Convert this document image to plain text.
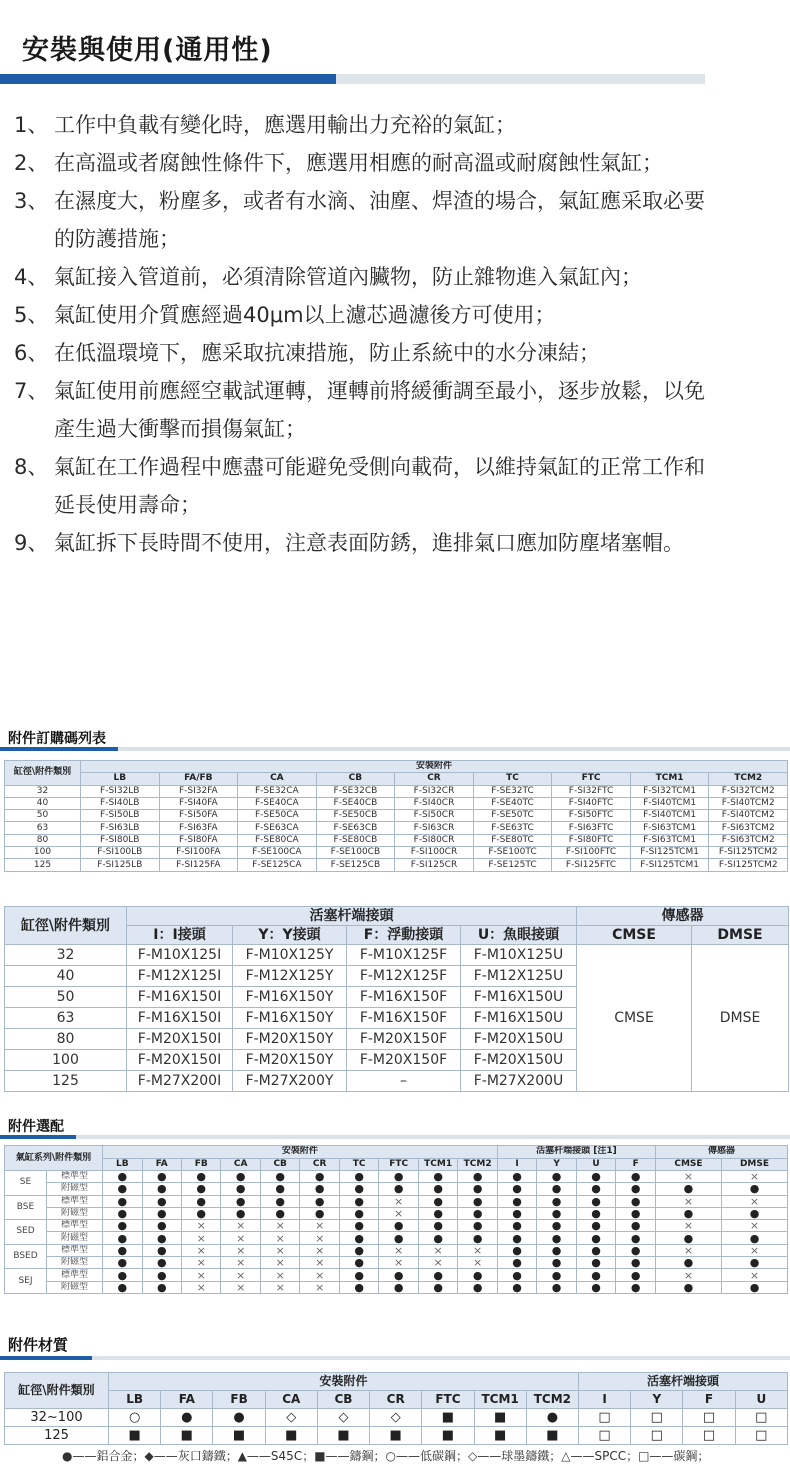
安裝與使用(通用性)
1、 工作中負載有變化時，應選用輸出力充裕的氣缸；
2、 在高溫或者腐蝕性條件下，應選用相應的耐高溫或耐腐蝕性氣缸；
3、 在濕度大，粉塵多，或者有水滴、油塵、焊渣的場合，氣缸應采取必要的防護措施；
4、 氣缸接入管道前，必須清除管道內臟物，防止雜物進入氣缸內；
5、 氣缸使用介質應經過40μm以上濾芯過濾後方可使用；
6、 在低溫環境下，應采取抗凍措施，防止系統中的水分凍結；
7、 氣缸使用前應經空載試運轉，運轉前將緩衝調至最小，逐步放鬆，以免產生過大衝擊而損傷氣缸；
8、 氣缸在工作過程中應盡可能避免受側向載荷，以維持氣缸的正常工作和延長使用壽命；
9、 氣缸拆下長時間不使用，注意表面防銹，進排氣口應加防塵堵塞帽。
附件訂購碼列表
缸徑\附件類別	安裝附件								
	LB	FA/FB	CA	CB	CR	TC	FTC	TCM1	TCM2
32	F-SI32LB	F-SI32FA	F-SE32CA	F-SE32CB	F-SI32CR	F-SE32TC	F-SI32FTC	F-SI32TCM1	F-SI32TCM2
40	F-SI40LB	F-SI40FA	F-SE40CA	F-SE40CB	F-SI40CR	F-SE40TC	F-SI40FTC	F-SI40TCM1	F-SI40TCM2
50	F-SI50LB	F-SI50FA	F-SE50CA	F-SE50CB	F-SI50CR	F-SE50TC	F-SI50FTC	F-SI40TCM1	F-SI40TCM2
63	F-SI63LB	F-SI63FA	F-SE63CA	F-SE63CB	F-SI63CR	F-SE63TC	F-SI63FTC	F-SI63TCM1	F-SI63TCM2
80	F-SI80LB	F-SI80FA	F-SE80CA	F-SE80CB	F-SI80CR	F-SE80TC	F-SI80FTC	F-SI63TCM1	F-SI63TCM2
100	F-SI100LB	F-SI100FA	F-SE100CA	F-SE100CB	F-SI100CR	F-SE100TC	F-SI100FTC	F-SI125TCM1	F-SI125TCM2
125	F-SI125LB	F-SI125FA	F-SE125CA	F-SE125CB	F-SI125CR	F-SE125TC	F-SI125FTC	F-SI125TCM1	F-SI125TCM2
缸徑\附件類別	活塞杆端接頭				傳感器	
	I：I接頭	Y：Y接頭	F：浮動接頭	U：魚眼接頭	CMSE	DMSE
32	F-M10X125I	F-M10X125Y	F-M10X125F	F-M10X125U	CMSE	DMSE
40	F-M12X125I	F-M12X125Y	F-M12X125F	F-M12X125U		
50	F-M16X150I	F-M16X150Y	F-M16X150F	F-M16X150U		
63	F-M16X150I	F-M16X150Y	F-M16X150F	F-M16X150U		
80	F-M20X150I	F-M20X150Y	F-M20X150F	F-M20X150U		
100	F-M20X150I	F-M20X150Y	F-M20X150F	F-M20X150U		
125	F-M27X200I	F-M27X200Y	–	F-M27X200U		
附件選配
氣缸系列\附件類別		安裝附件										活塞杆端接頭 [注1]				傳感器	
		LB	FA	FB	CA	CB	CR	TC	FTC	TCM1	TCM2	I	Y	U	F	CMSE	DMSE
SE	標準型	●	●	●	●	●	●	●	●	●	●	●	●	●	●	×	×
	附磁型	●	●	●	●	●	●	●	●	●	●	●	●	●	●	●	●
BSE	標準型	●	●	●	●	●	●	●	×	●	●	●	●	●	●	×	×
	附磁型	●	●	●	●	●	●	●	×	●	●	●	●	●	●	●	●
SED	標準型	●	●	×	×	×	×	●	●	●	●	●	●	●	●	×	×
	附磁型	●	●	×	×	×	×	●	●	●	●	●	●	●	●	●	●
BSED	標準型	●	●	×	×	×	×	●	×	×	×	●	●	●	●	×	×
	附磁型	●	●	×	×	×	×	●	×	×	×	●	●	●	●	●	●
SEJ	標準型	●	●	×	×	×	×	●	●	●	●	●	●	●	●	×	×
	附磁型	●	●	×	×	×	×	●	●	●	●	●	●	●	●	●	●
附件材質
缸徑\附件類別	安裝附件									活塞杆端接頭			
	LB	FA	FB	CA	CB	CR	FTC	TCM1	TCM2	I	Y	F	U
32~100	○	●	●	◇	◇	◇	■	■	●	□	□	□	□
125	■	■	■	■	■	■	■	■	■	□	□	□	□
●——鋁合金；◆——灰口鑄鐵；▲——S45C；■——鑄鋼；○——低碳鋼；◇——球墨鑄鐵；△——SPCC；□——碳鋼；
